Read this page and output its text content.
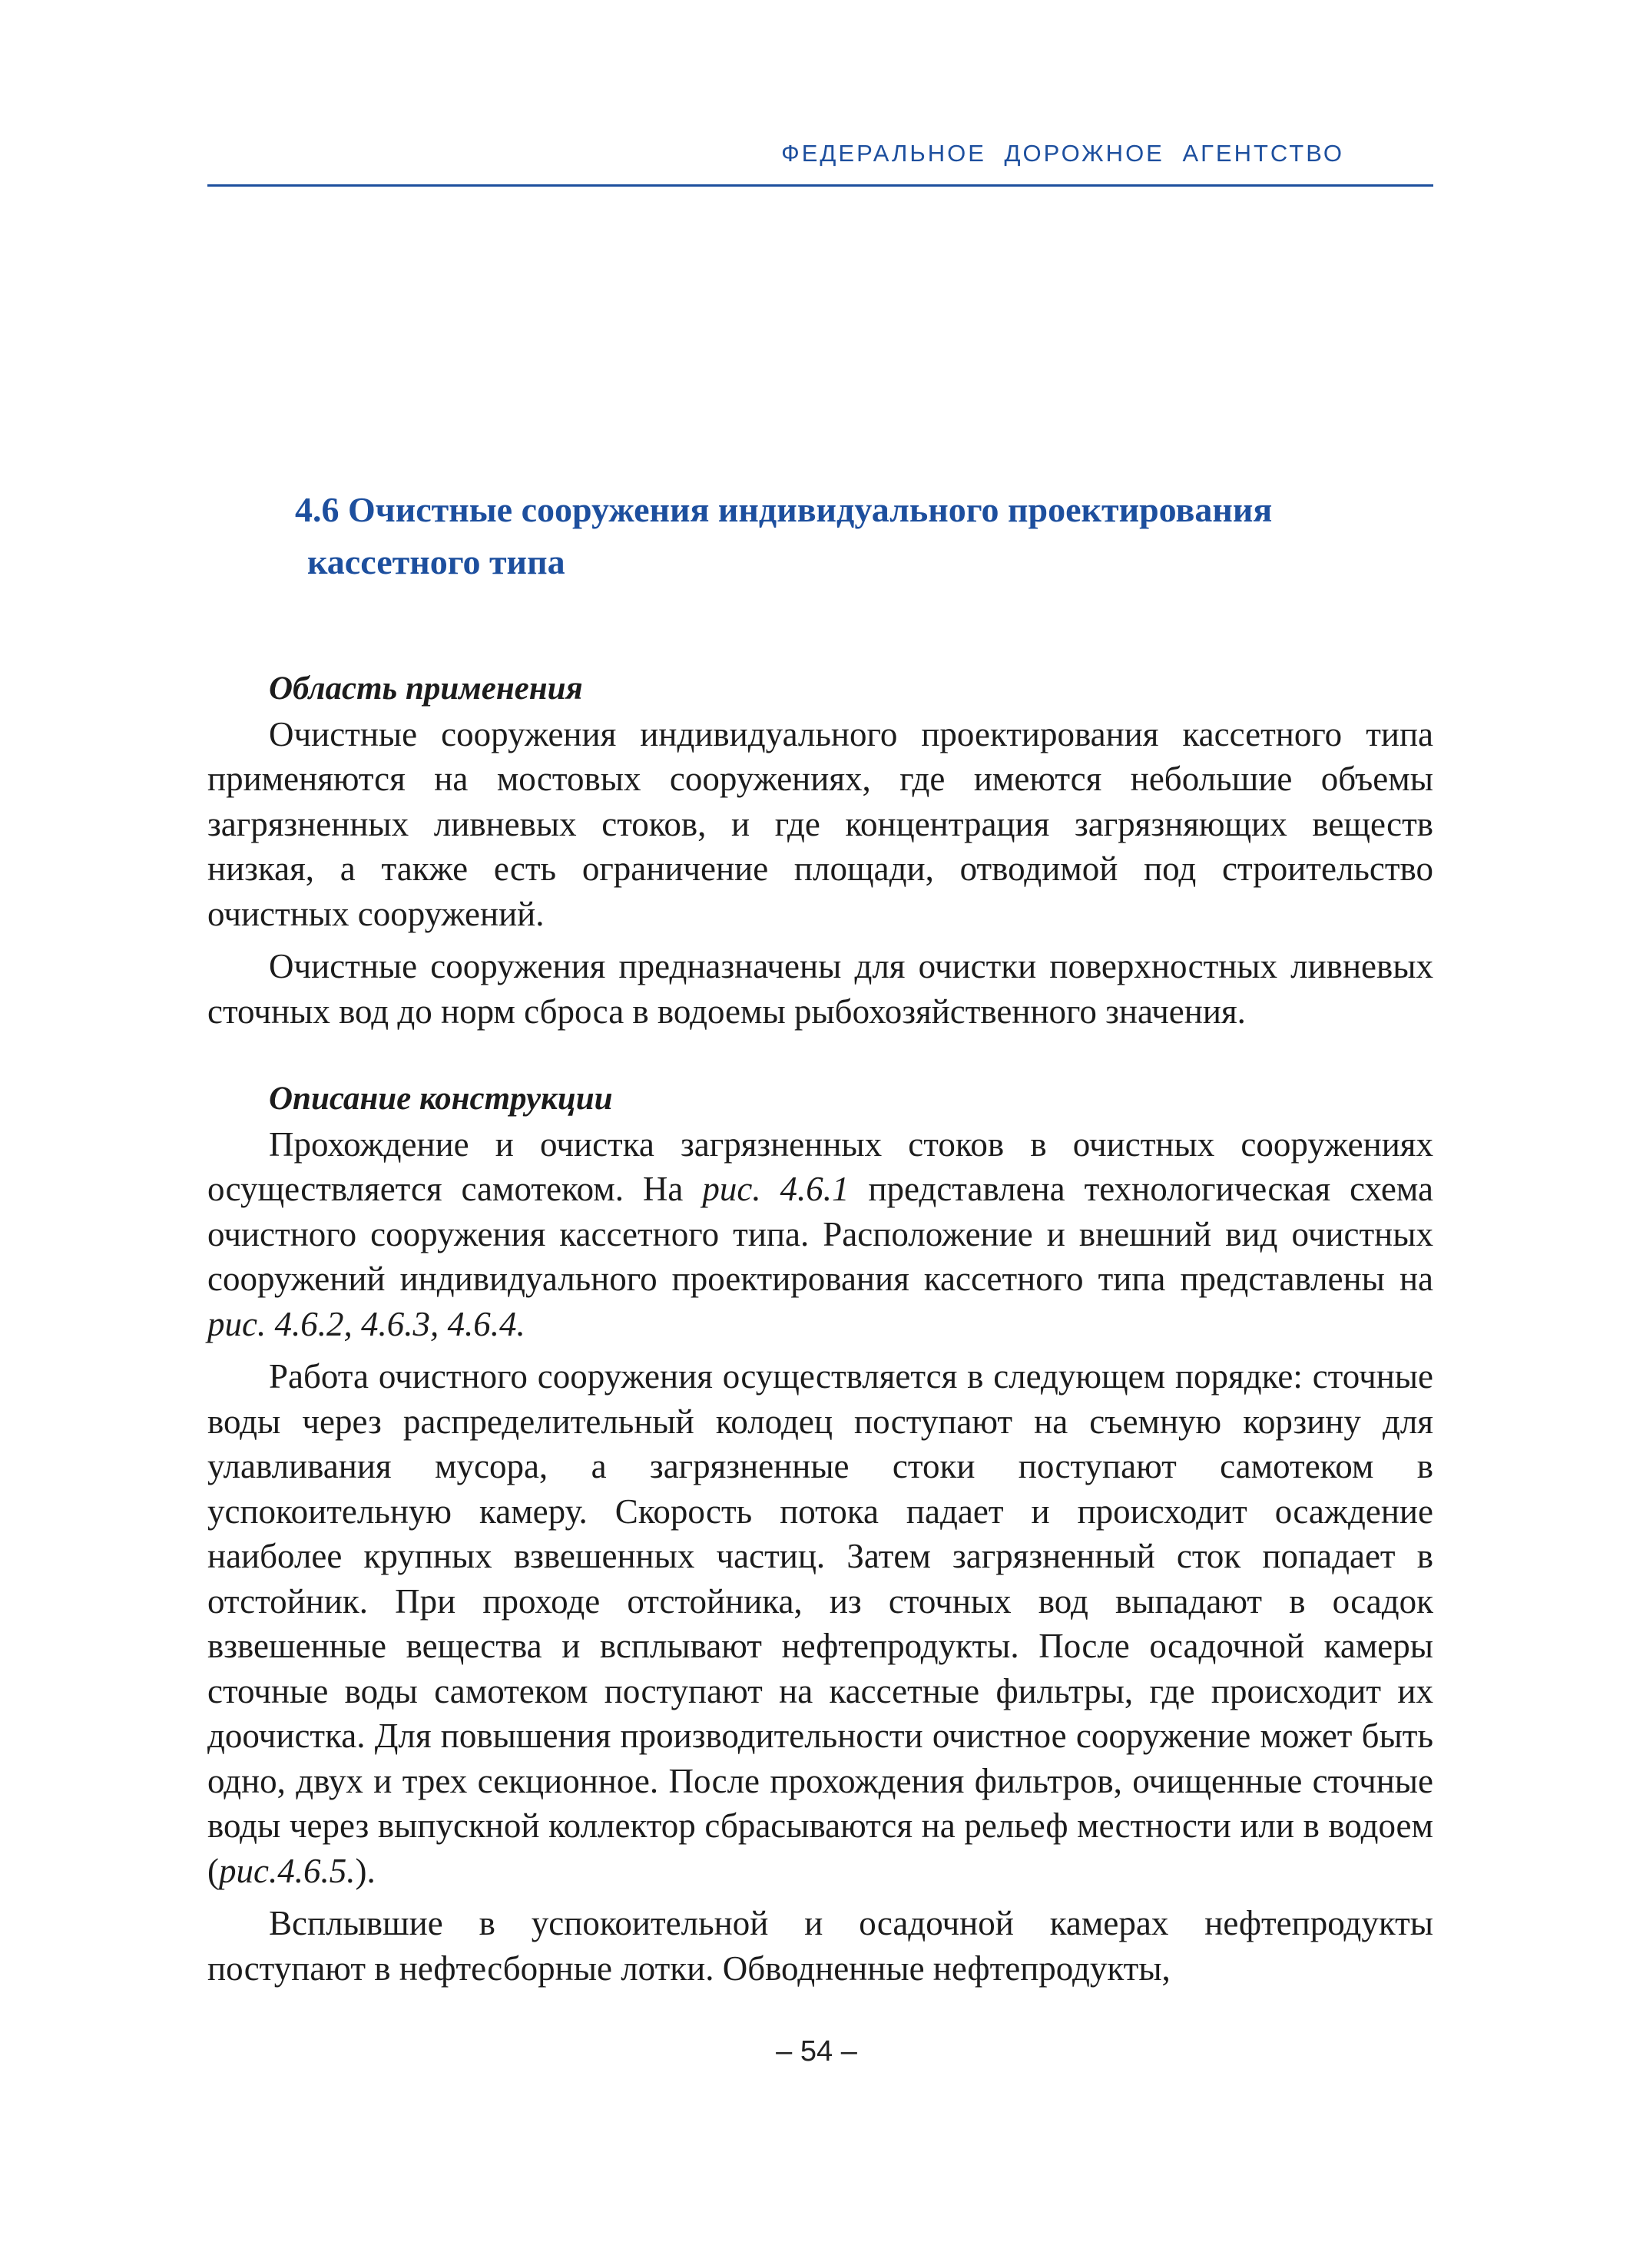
ФЕДЕРАЛЬНОЕ ДОРОЖНОЕ АГЕНТСТВО
4.6 Очистные сооружения индивидуального проектирования
кассетного типа
Область применения

Очистные сооружения индивидуального проектирования кассетного типа применяются на мостовых сооружениях, где имеются небольшие объемы загрязненных ливневых стоков, и где концентрация загрязняющих веществ низкая, а также есть ограничение площади, отводимой под строительство очистных сооружений.

Очистные сооружения предназначены для очистки поверхностных ливневых сточных вод до норм сброса в водоемы рыбохозяйственного значения.

Описание конструкции

Прохождение и очистка загрязненных стоков в очистных сооружениях осуществляется самотеком. На рис. 4.6.1 представлена технологическая схема очистного сооружения кассетного типа. Расположение и внешний вид очистных сооружений индивидуального проектирования кассетного типа представлены на рис. 4.6.2, 4.6.3, 4.6.4.

Работа очистного сооружения осуществляется в следующем порядке: сточные воды через распределительный колодец поступают на съемную корзину для улавливания мусора, а загрязненные стоки поступают самотеком в успокоительную камеру. Скорость потока падает и происходит осаждение наиболее крупных взвешенных частиц. Затем загрязненный сток попадает в отстойник. При проходе отстойника, из сточных вод выпадают в осадок взвешенные вещества и всплывают нефтепродукты. После осадочной камеры сточные воды самотеком поступают на кассетные фильтры, где происходит их доочистка. Для повышения производительности очистное сооружение может быть одно, двух и трех секционное. После прохождения фильтров, очищенные сточные воды через выпускной коллектор сбрасываются на рельеф местности или в водоем (рис.4.6.5.).

Всплывшие в успокоительной и осадочной камерах нефтепродукты поступают в нефтесборные лотки. Обводненные нефтепродукты,

– 54 –
